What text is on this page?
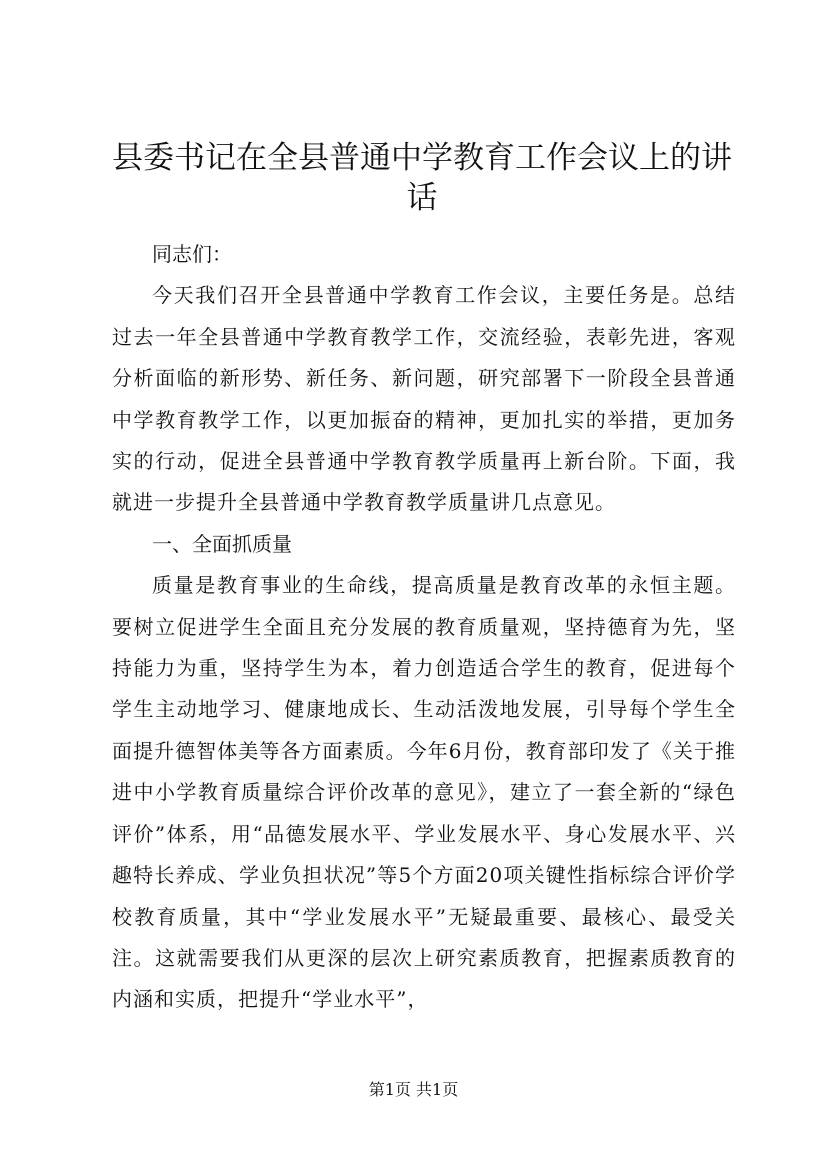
县委书记在全县普通中学教育工作会议上的讲话

同志们：

今天我们召开全县普通中学教育工作会议，主要任务是。总结过去一年全县普通中学教育教学工作，交流经验，表彰先进，客观分析面临的新形势、新任务、新问题，研究部署下一阶段全县普通中学教育教学工作，以更加振奋的精神，更加扎实的举措，更加务实的行动，促进全县普通中学教育教学质量再上新台阶。下面，我就进一步提升全县普通中学教育教学质量讲几点意见。

一、全面抓质量

质量是教育事业的生命线，提高质量是教育改革的永恒主题。要树立促进学生全面且充分发展的教育质量观，坚持德育为先，坚持能力为重，坚持学生为本，着力创造适合学生的教育，促进每个学生主动地学习、健康地成长、生动活泼地发展，引导每个学生全面提升德智体美等各方面素质。今年6月份，教育部印发了《关于推进中小学教育质量综合评价改革的意见》，建立了一套全新的“绿色评价”体系，用“品德发展水平、学业发展水平、身心发展水平、兴趣特长养成、学业负担状况”等5个方面20项关键性指标综合评价学校教育质量，其中“学业发展水平”无疑最重要、最核心、最受关注。这就需要我们从更深的层次上研究素质教育，把握素质教育的内涵和实质，把提升“学业水平”，

第1页 共1页
